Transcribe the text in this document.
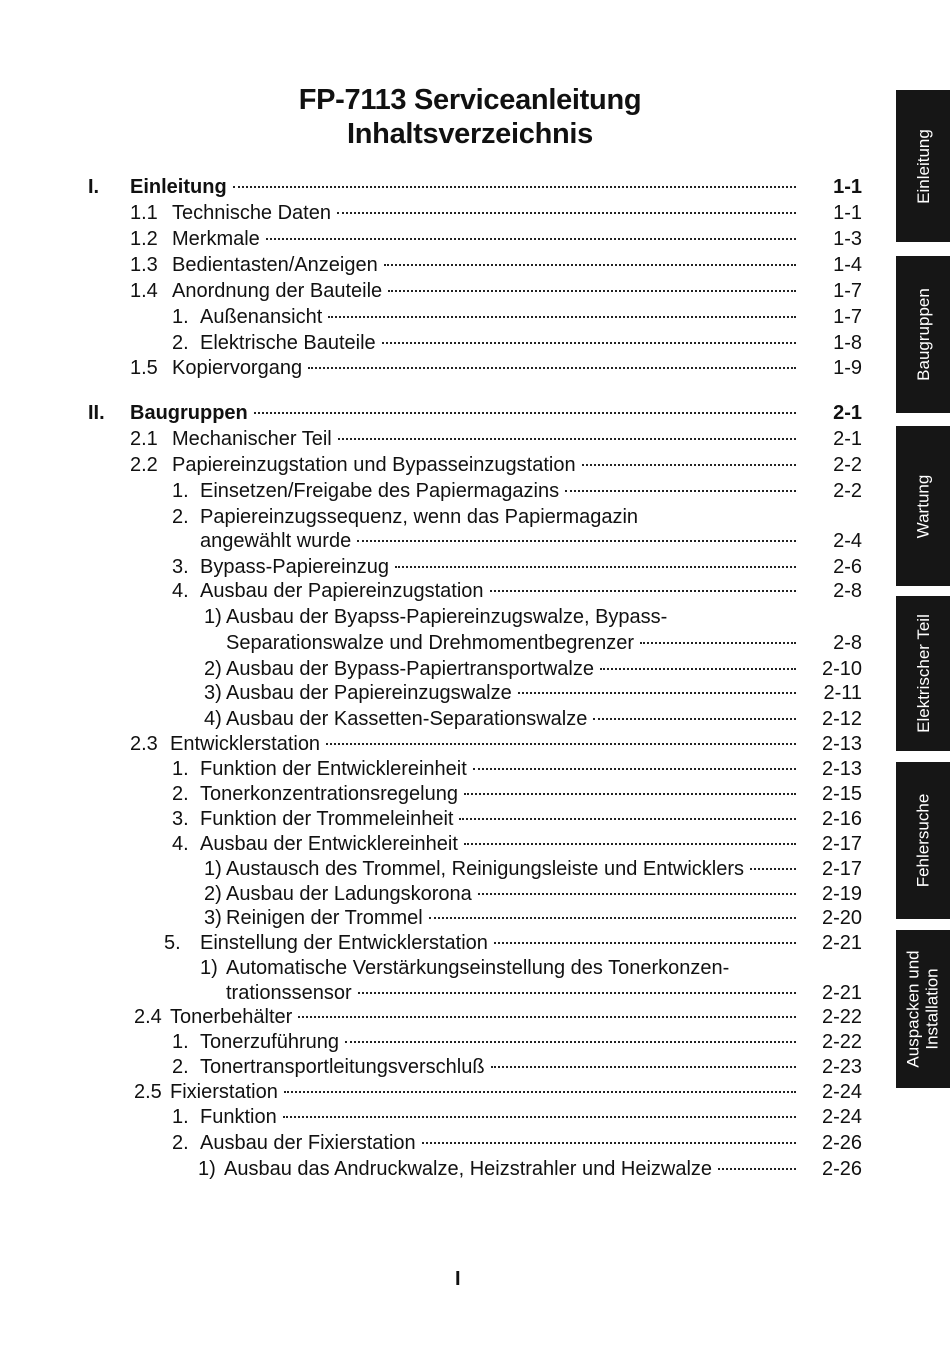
FP-7113 Serviceanleitung
Inhaltsverzeichnis
I. Einleitung	1-1
1.1 Technische Daten	1-1
1.2 Merkmale	1-3
1.3 Bedientasten/Anzeigen	1-4
1.4 Anordnung der Bauteile	1-7
1. Außenansicht	1-7
2. Elektrische Bauteile	1-8
1.5 Kopiervorgang	1-9
II. Baugruppen	2-1
2.1 Mechanischer Teil	2-1
2.2 Papiereinzugstation und Bypasseinzugstation	2-2
1. Einsetzen/Freigabe des Papiermagazins	2-2
2. Papiereinzugssequenz, wenn das Papiermagazin
angewählt wurde	2-4
3. Bypass-Papiereinzug	2-6
4. Ausbau der Papiereinzugstation	2-8
1) Ausbau der Byapss-Papiereinzugswalze, Bypass-
Separationswalze und Drehmomentbegrenzer	2-8
2) Ausbau der Bypass-Papiertransportwalze	2-10
3) Ausbau der Papiereinzugswalze	2-11
4) Ausbau der Kassetten-Separationswalze	2-12
2.3 Entwicklerstation	2-13
1. Funktion der Entwicklereinheit	2-13
2. Tonerkonzentrationsregelung	2-15
3. Funktion der Trommeleinheit	2-16
4. Ausbau der Entwicklereinheit	2-17
1) Austausch des Trommel, Reinigungsleiste und Entwicklers	2-17
2) Ausbau der Ladungskorona	2-19
3) Reinigen der Trommel	2-20
5. Einstellung der Entwicklerstation	2-21
1) Automatische Verstärkungseinstellung des Tonerkonzen-
trationssensor	2-21
2.4 Tonerbehälter	2-22
1. Tonerzuführung	2-22
2. Tonertransportleitungsverschluß	2-23
2.5 Fixierstation	2-24
1. Funktion	2-24
2. Ausbau der Fixierstation	2-26
1) Ausbau das Andruckwalze, Heizstrahler und Heizwalze	2-26
Einleitung
Baugruppen
Wartung
Elektrischer Teil
Fehlersuche
Auspacken und
Installation
I
